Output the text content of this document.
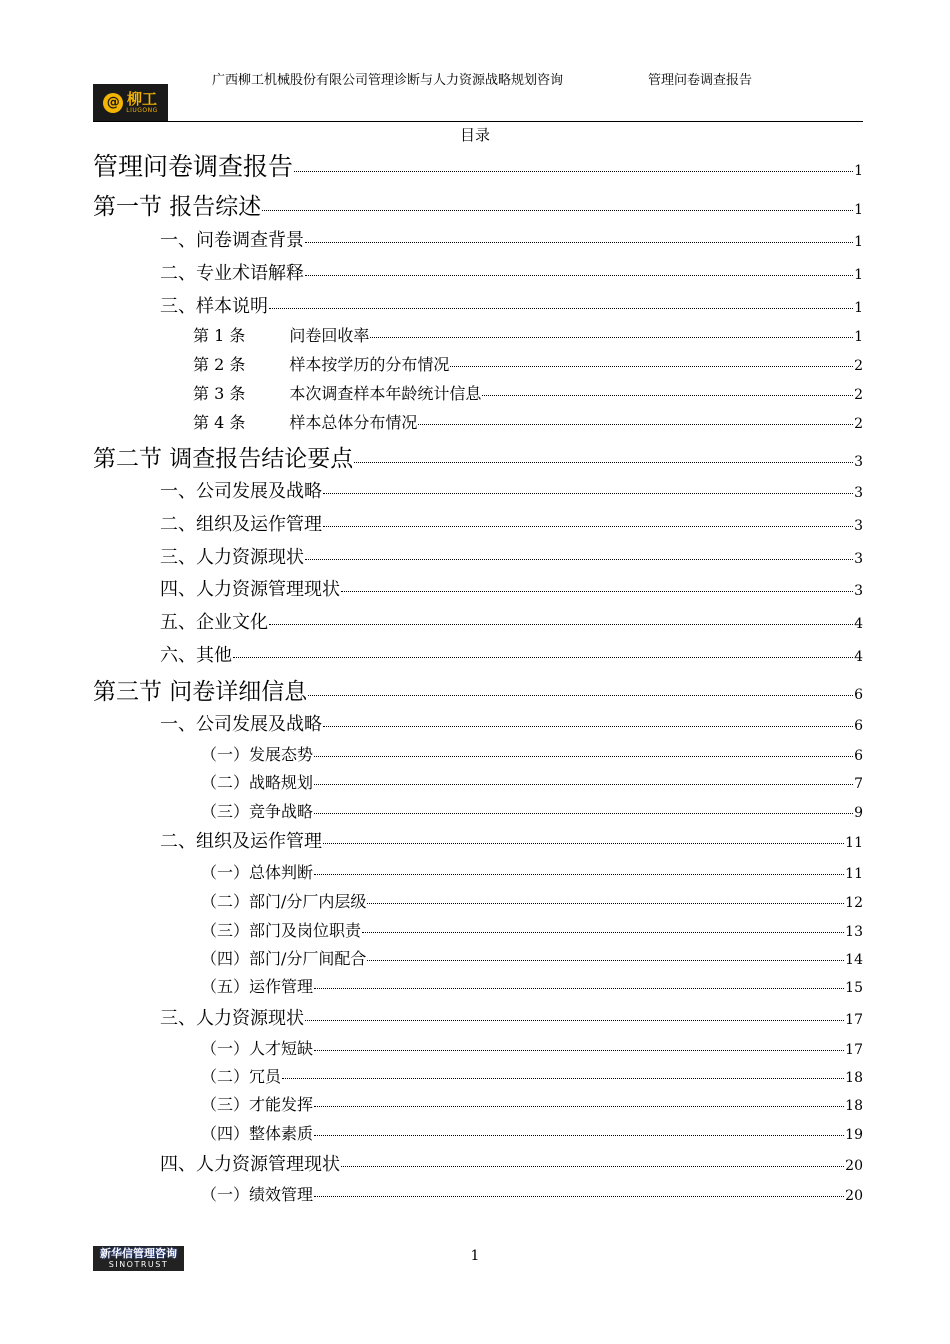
广西柳工机械股份有限公司管理诊断与人力资源战略规划咨询	管理问卷调查报告
@ 柳工
LIUGONG
目录
管理问卷调查报告	1
第一节 报告综述	1
一、问卷调查背景	1
二、专业术语解释	1
三、样本说明	1
第 1 条	问卷回收率	1
第 2 条	样本按学历的分布情况	2
第 3 条	本次调查样本年龄统计信息	2
第 4 条	样本总体分布情况	2
第二节 调查报告结论要点	3
一、公司发展及战略	3
二、组织及运作管理	3
三、人力资源现状	3
四、人力资源管理现状	3
五、企业文化	4
六、其他	4
第三节 问卷详细信息	6
一、公司发展及战略	6
（一）发展态势	6
（二）战略规划	7
（三）竞争战略	9
二、组织及运作管理	11
（一）总体判断	11
（二）部门/分厂内层级	12
（三）部门及岗位职责	13
（四）部门/分厂间配合	14
（五）运作管理	15
三、人力资源现状	17
（一）人才短缺	17
（二）冗员	18
（三）才能发挥	18
（四）整体素质	19
四、人力资源管理现状	20
（一）绩效管理	20
新华信管理咨询
SINOTRUST
1
